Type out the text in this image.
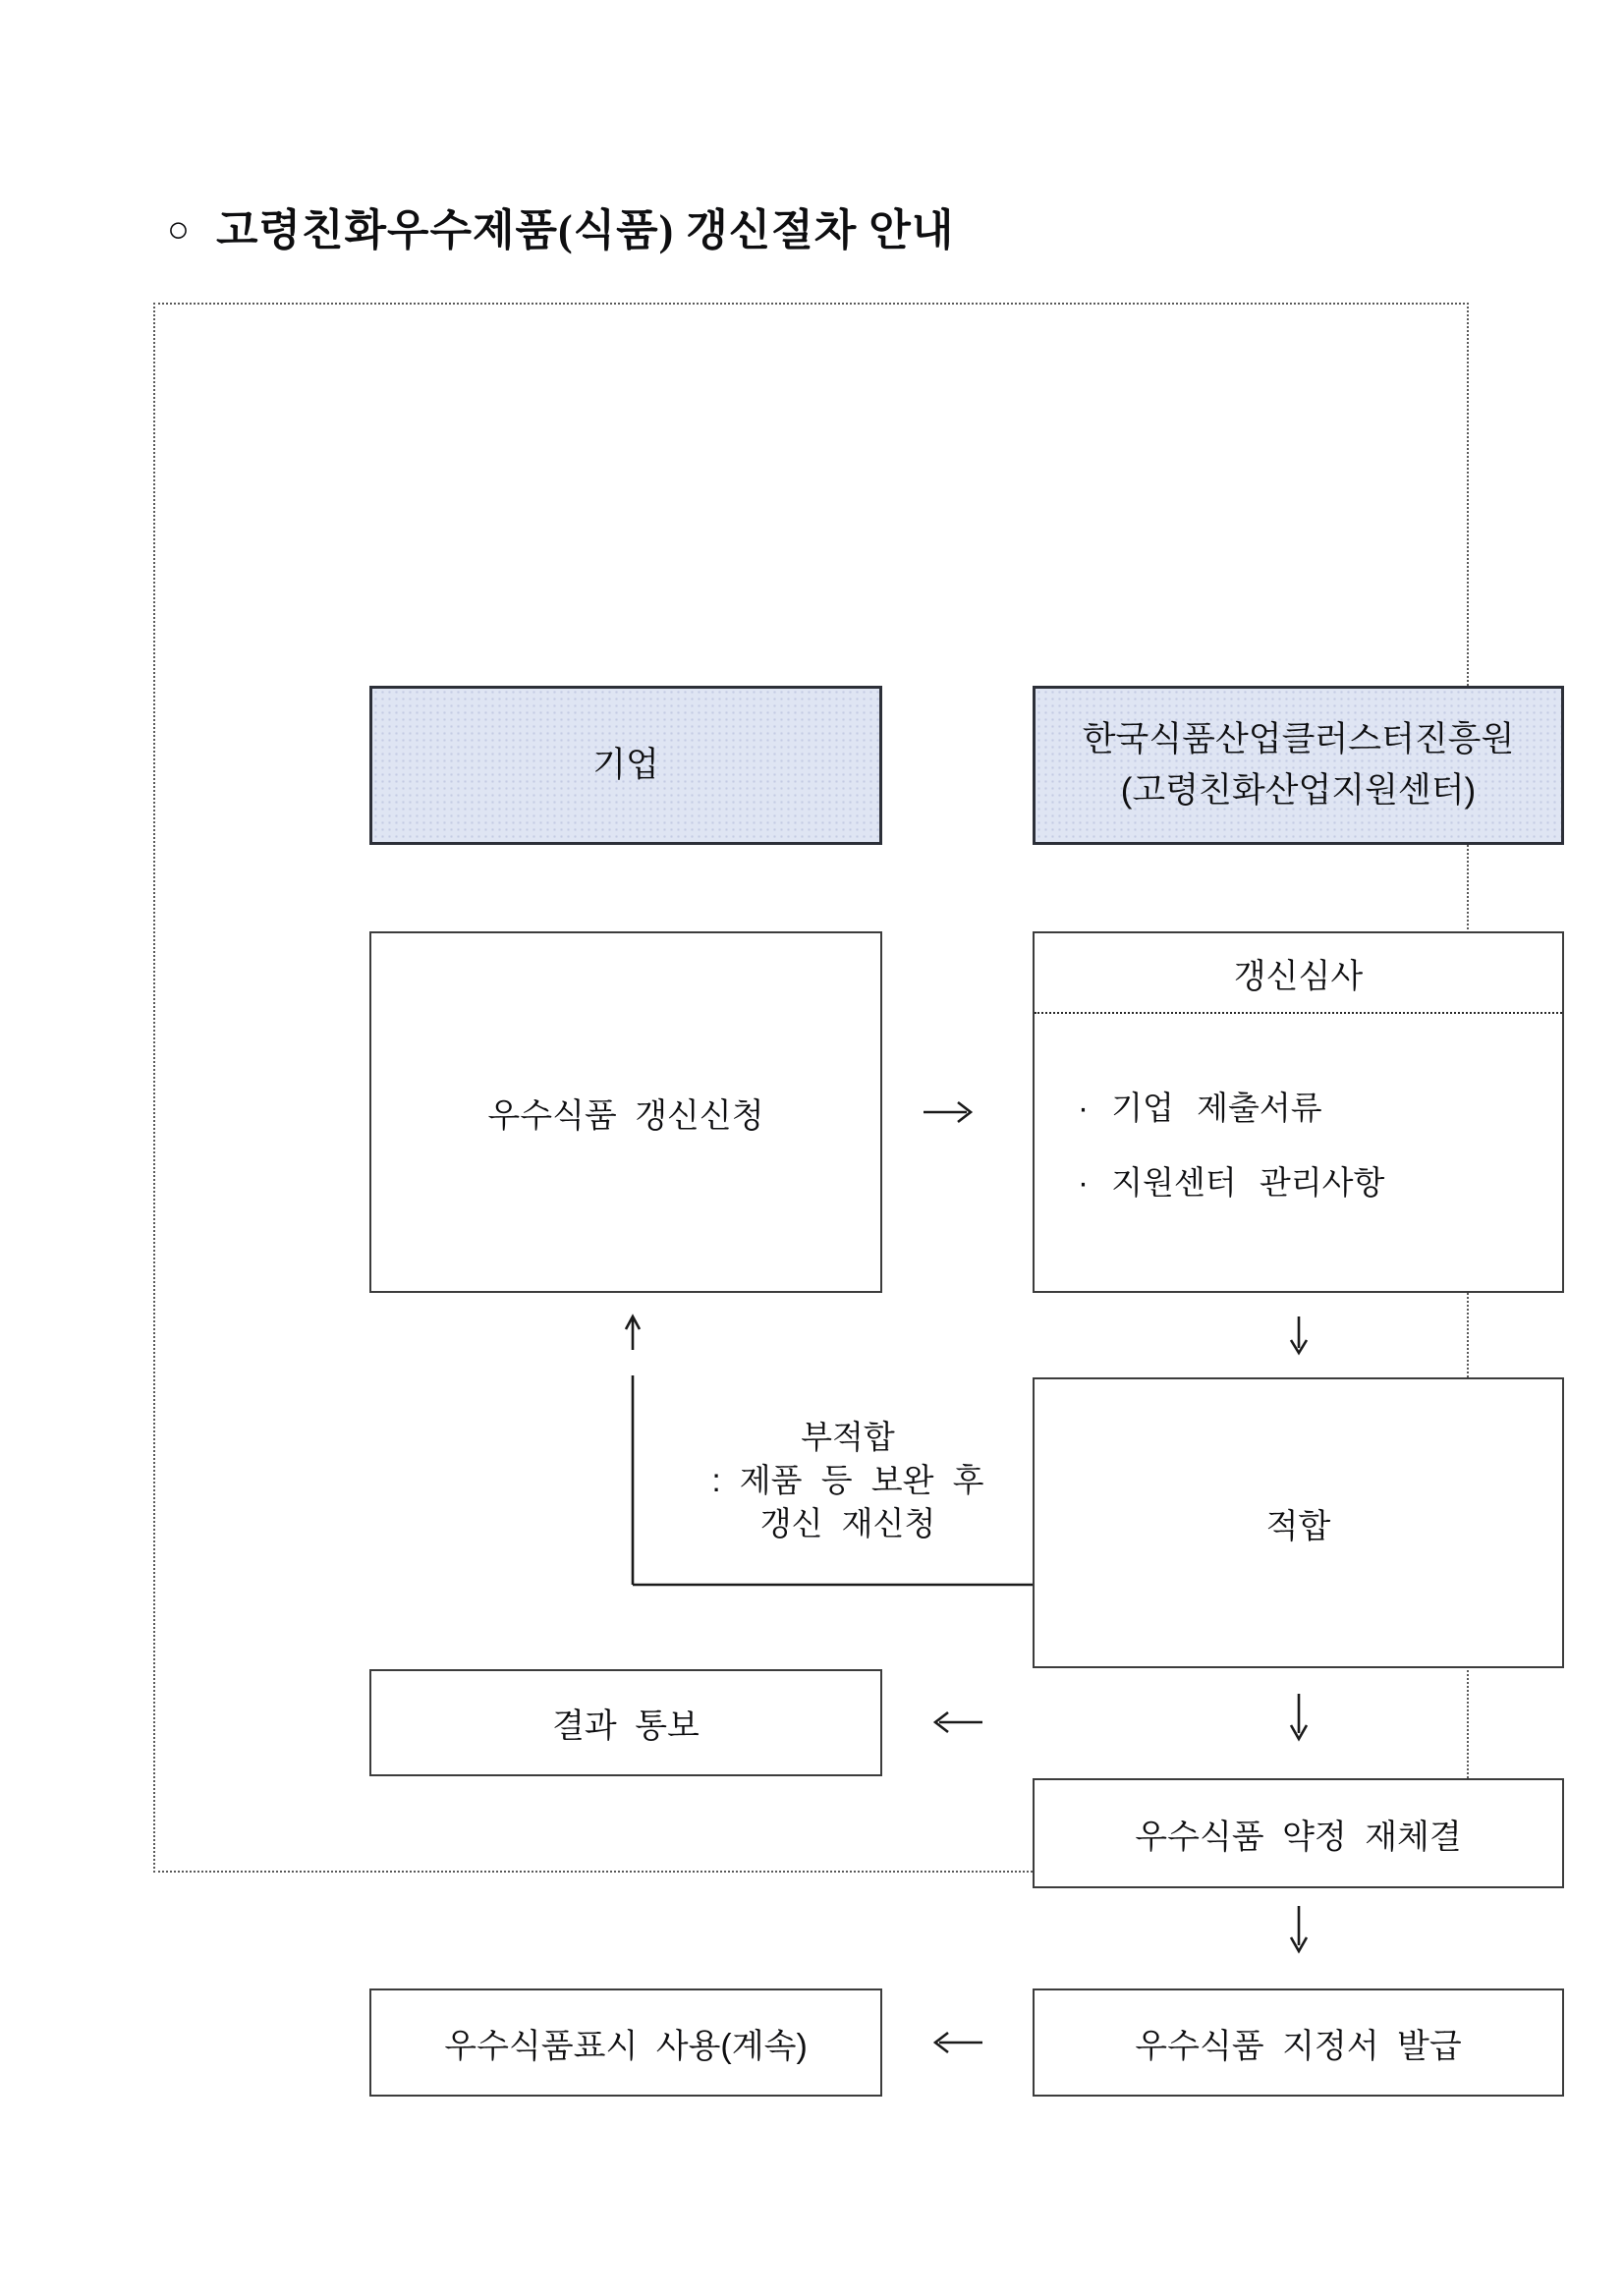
○ 고령친화우수제품(식품) 갱신절차 안내
기업
한국식품산업클러스터진흥원
(고령친화산업지원센터)
우수식품 갱신신청
갱신심사
· 기업 제출서류
· 지원센터 관리사항
부적합
: 제품 등 보완 후
갱신 재신청	적합
결과 통보
우수식품 약정 재체결
우수식품표시 사용(계속)	우수식품 지정서 발급
